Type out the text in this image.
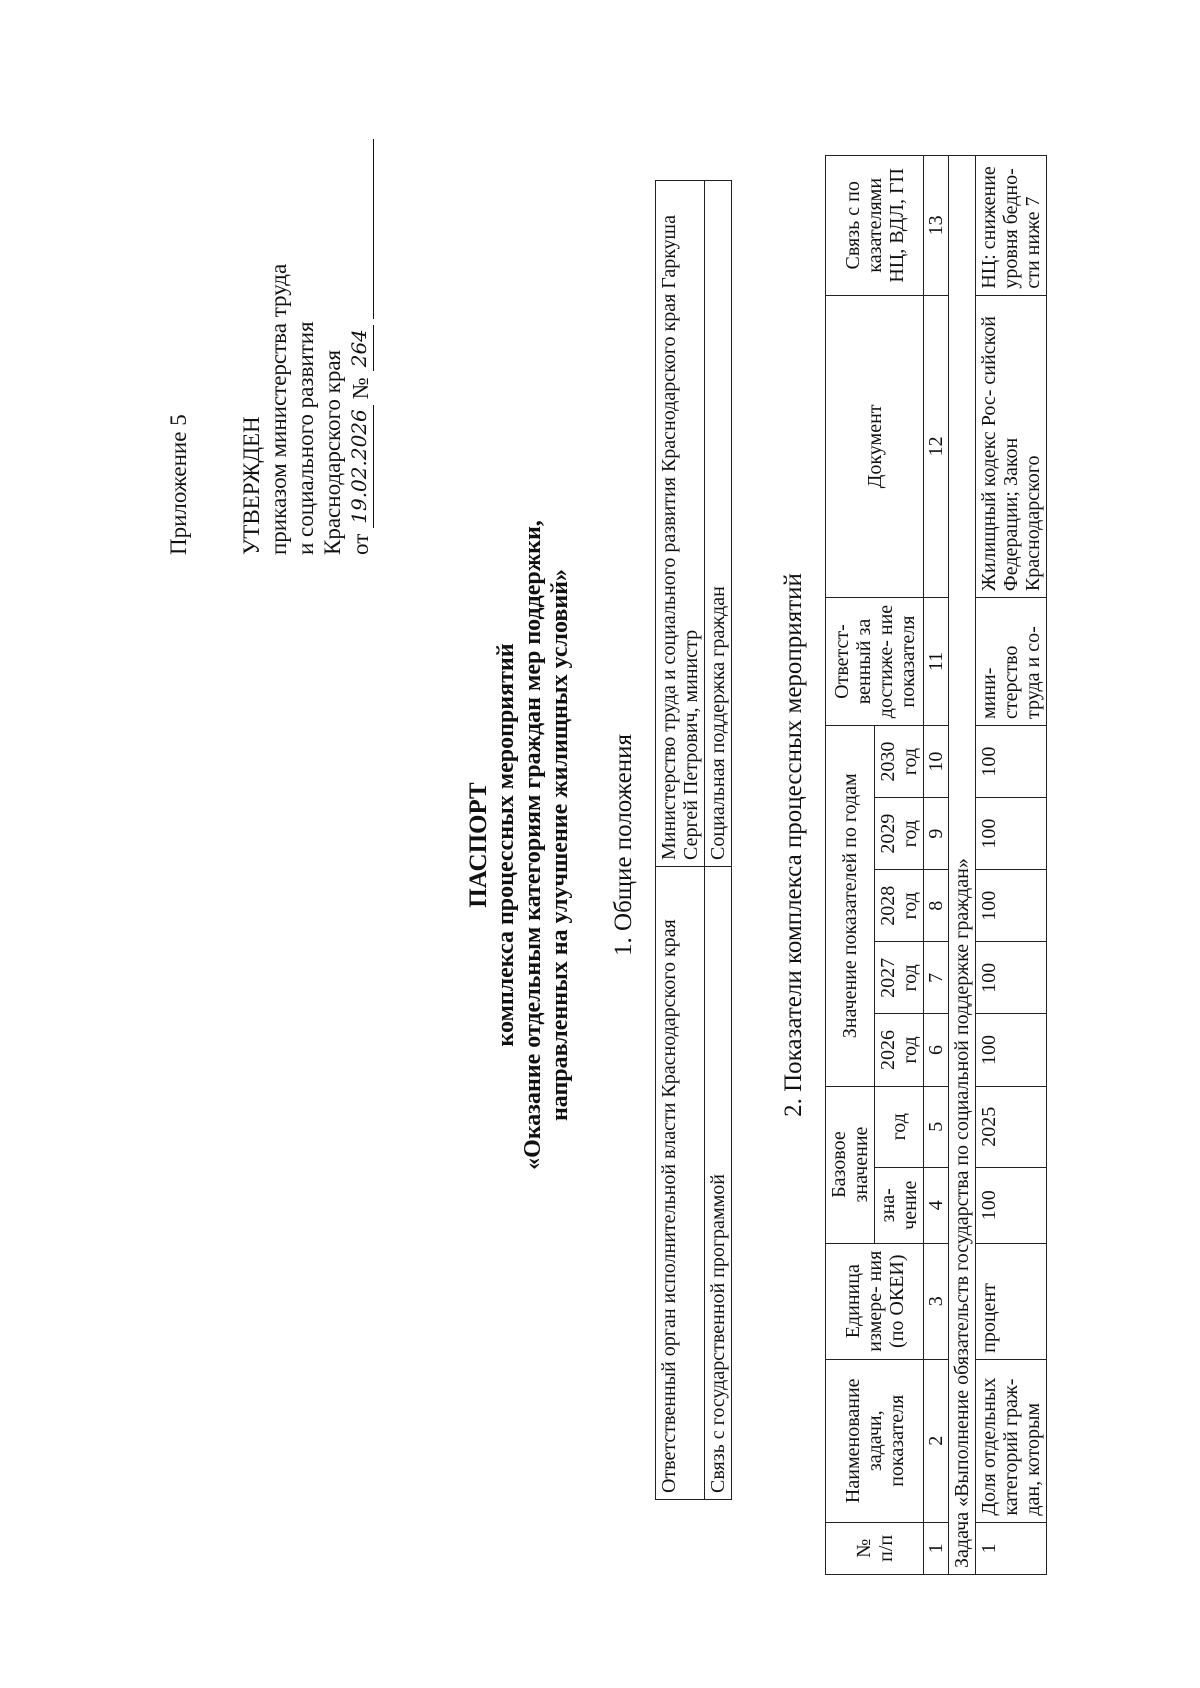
Приложение 5 УТВЕРЖДЕН приказом министерства труда и социального развития Краснодарского края от
19.02.2026
№
264
ПАСПОРТ комплекса процессных мероприятий «Оказание отдельным категориям граждан мер поддержки, направленных на улучшение жилищных условий» 1. Общие положения
Ответственный орган исполнительной власти Краснодарского края	Министерство труда и социального развития Краснодарского края Гаркуша Сергей Петрович, министр
Связь с государственной программой	Социальная поддержка граждан 2. Показатели комплекса процессных мероприятий
№ п/п	Наименование задачи, показателя	Единица измере- ния (по ОКЕИ)	Базовое значение		Значение показателей по годам					Ответст- венный за достиже- ние показателя	Документ	Связь с по казателями НЦ, ВДЛ, ГП
			зна- чение	год	2026 год	2027 год	2028 год	2029 год	2030 год			
1	2	3	4	5	6	7	8	9	10	11	12	13
Задача «Выполнение обязательств государства по социальной поддержке граждан»												
1	Доля отдельных категорий граж- дан, которым	процент	100	2025	100	100	100	100	100	мини- стерство труда и со-	Жилищный кодекс Рос- сийской Федерации; Закон Краснодарского	НЦ: снижение уровня бедно- сти ниже 7
